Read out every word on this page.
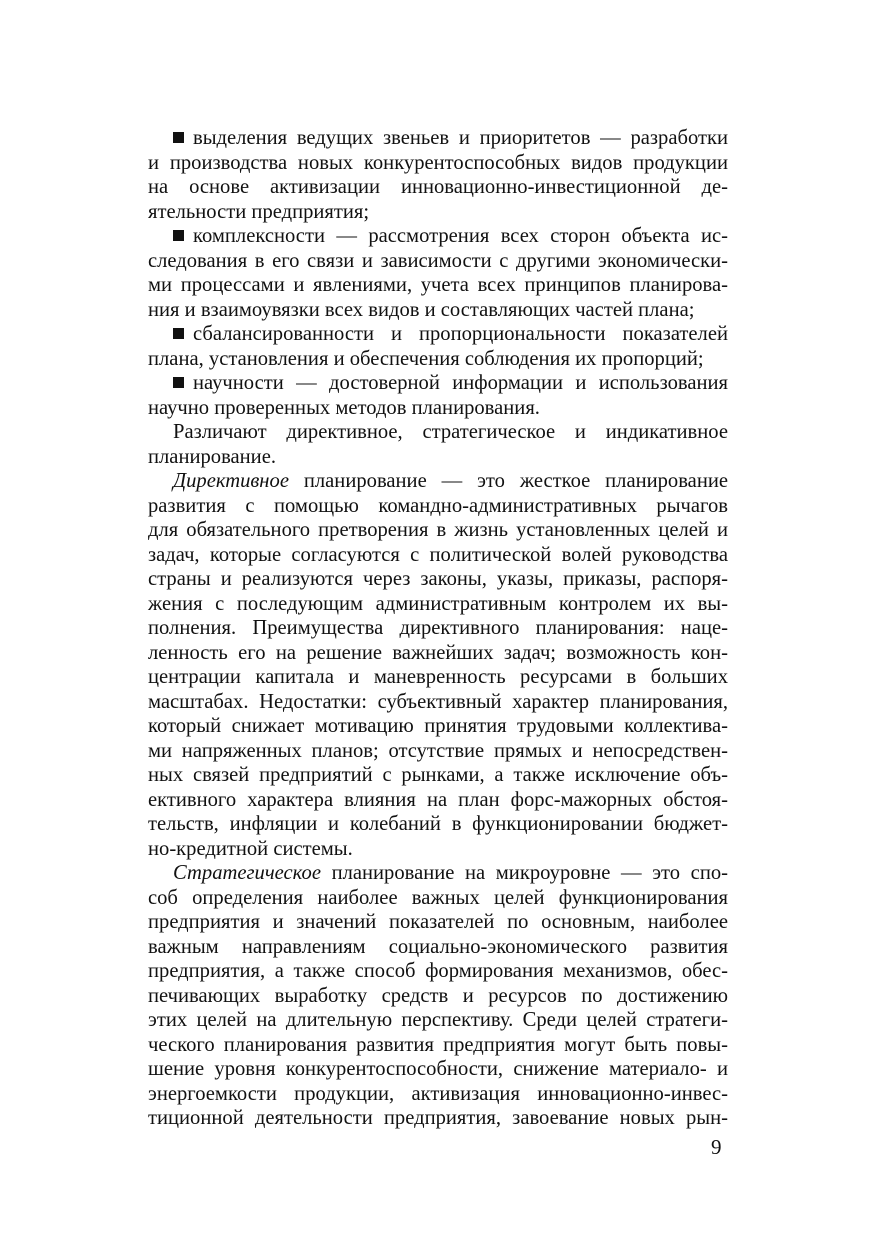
выделения ведущих звеньев и приоритетов — разработки
и производства новых конкурентоспособных видов продукции
на основе активизации инновационно-инвестиционной де-
ятельности предприятия;
комплексности — рассмотрения всех сторон объекта ис-
следования в его связи и зависимости с другими экономически-
ми процессами и явлениями, учета всех принципов планирова-
ния и взаимоувязки всех видов и составляющих частей плана;
сбалансированности и пропорциональности показателей
плана, установления и обеспечения соблюдения их пропорций;
научности — достоверной информации и использования
научно проверенных методов планирования.
Различают директивное, стратегическое и индикативное
планирование.
Директивное планирование — это жесткое планирование
развития с помощью командно-административных рычагов
для обязательного претворения в жизнь установленных целей и
задач, которые согласуются с политической волей руководства
страны и реализуются через законы, указы, приказы, распоря-
жения с последующим административным контролем их вы-
полнения. Преимущества директивного планирования: наце-
ленность его на решение важнейших задач; возможность кон-
центрации капитала и маневренность ресурсами в больших
масштабах. Недостатки: субъективный характер планирования,
который снижает мотивацию принятия трудовыми коллектива-
ми напряженных планов; отсутствие прямых и непосредствен-
ных связей предприятий с рынками, а также исключение объ-
ективного характера влияния на план форс-мажорных обстоя-
тельств, инфляции и колебаний в функционировании бюджет-
но-кредитной системы.
Стратегическое планирование на микроуровне — это спо-
соб определения наиболее важных целей функционирования
предприятия и значений показателей по основным, наиболее
важным направлениям социально-экономического развития
предприятия, а также способ формирования механизмов, обес-
печивающих выработку средств и ресурсов по достижению
этих целей на длительную перспективу. Среди целей стратеги-
ческого планирования развития предприятия могут быть повы-
шение уровня конкурентоспособности, снижение материало- и
энергоемкости продукции, активизация инновационно-инвес-
тиционной деятельности предприятия, завоевание новых рын-
9
